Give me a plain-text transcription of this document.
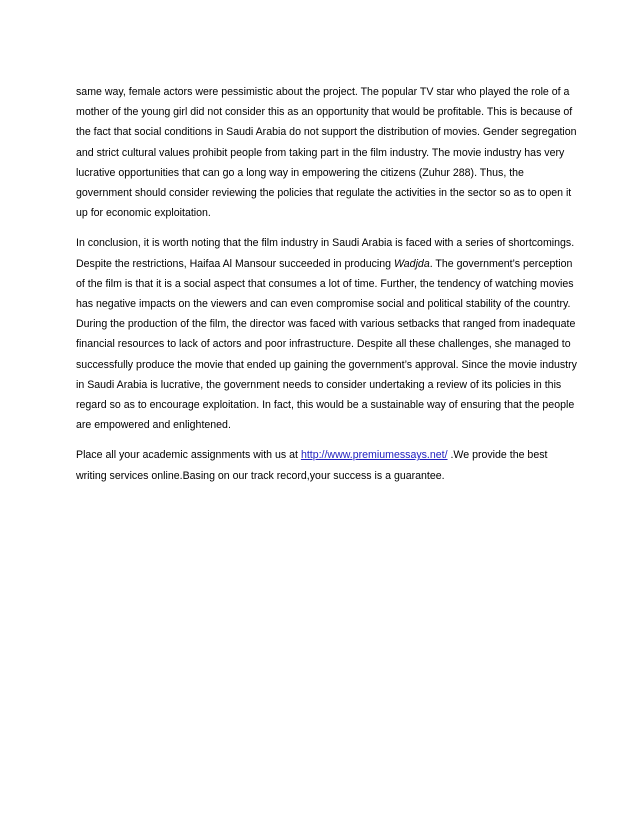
same way, female actors were pessimistic about the project. The popular TV star who played the role of a mother of the young girl did not consider this as an opportunity that would be profitable. This is because of the fact that social conditions in Saudi Arabia do not support the distribution of movies. Gender segregation and strict cultural values prohibit people from taking part in the film industry. The movie industry has very lucrative opportunities that can go a long way in empowering the citizens (Zuhur 288). Thus, the government should consider reviewing the policies that regulate the activities in the sector so as to open it up for economic exploitation.

In conclusion, it is worth noting that the film industry in Saudi Arabia is faced with a series of shortcomings. Despite the restrictions, Haifaa Al Mansour succeeded in producing Wadjda. The government’s perception of the film is that it is a social aspect that consumes a lot of time. Further, the tendency of watching movies has negative impacts on the viewers and can even compromise social and political stability of the country. During the production of the film, the director was faced with various setbacks that ranged from inadequate financial resources to lack of actors and poor infrastructure. Despite all these challenges, she managed to successfully produce the movie that ended up gaining the government’s approval. Since the movie industry in Saudi Arabia is lucrative, the government needs to consider undertaking a review of its policies in this regard so as to encourage exploitation. In fact, this would be a sustainable way of ensuring that the people are empowered and enlightened.

Place all your academic assignments with us at http://www.premiumessays.net/ .We provide the best writing services online.Basing on our track record,your success is a guarantee.
